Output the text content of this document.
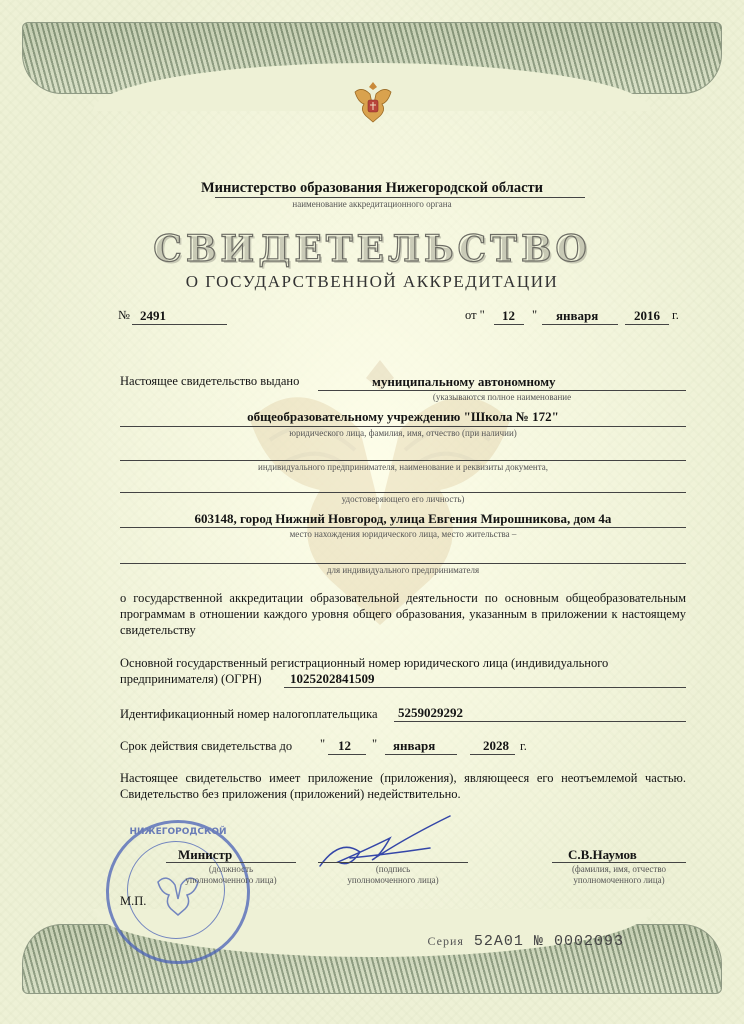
Министерство образования Нижегородской области
наименование аккредитационного органа
СВИДЕТЕЛЬСТВО
О ГОСУДАРСТВЕННОЙ АККРЕДИТАЦИИ
№ 2491	от " 12 " января	2016 г.
Настоящее свидетельство выдано	муниципальному автономному
(указываются полное наименование
общеобразовательному учреждению "Школа № 172"
юридического лица, фамилия, имя, отчество (при наличии)
индивидуального предпринимателя, наименование и реквизиты документа,
удостоверяющего его личность)
603148, город Нижний Новгород, улица Евгения Мирошникова, дом 4а
место нахождения юридического лица, место жительства –
для индивидуального предпринимателя
о государственной аккредитации образовательной деятельности по основным общеобразовательным программам в отношении каждого уровня общего образования, указанным в приложении к настоящему свидетельству
Основной государственный регистрационный номер юридического лица (индивидуального
предпринимателя) (ОГРН) 1025202841509
Идентификационный номер налогоплательщика 5259029292
Срок действия свидетельства до " 12 " января	2028 г.
Настоящее свидетельство имеет приложение (приложения), являющееся его неотъемлемой частью. Свидетельство без приложения (приложений) недействительно.
НИЖЕГОРОДСКОЙ
Министр
(должность
уполномоченного лица)
М.П.
(подпись
уполномоченного лица)
С.В.Наумов
(фамилия, имя, отчество
уполномоченного лица)
Серия 52А01 № 0002093
